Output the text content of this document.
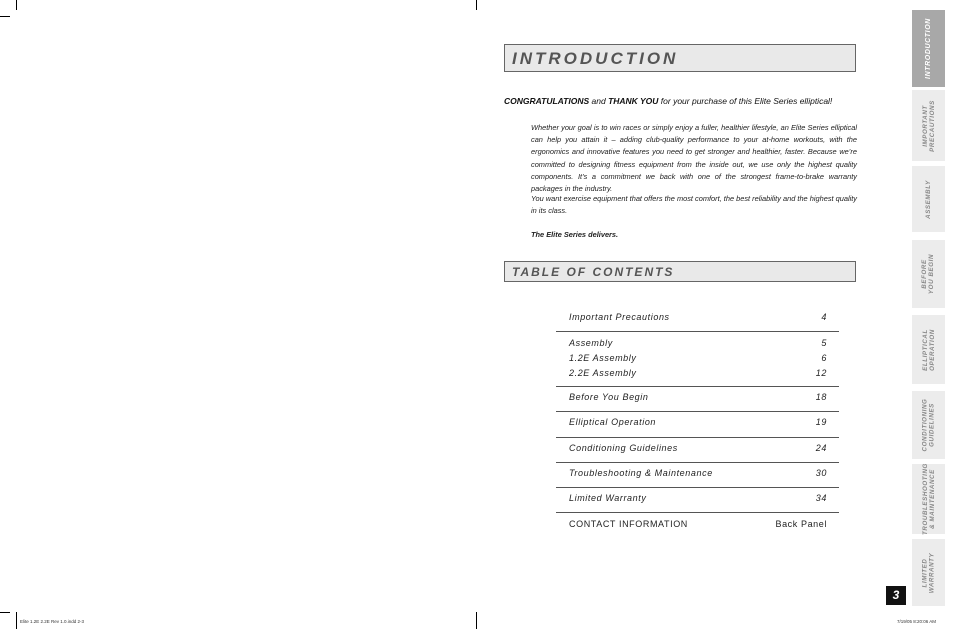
INTRODUCTION
CONGRATULATIONS and THANK YOU for your purchase of this Elite Series elliptical!

Whether your goal is to win races or simply enjoy a fuller, healthier lifestyle, an Elite Series elliptical can help you attain it – adding club-quality performance to your at-home workouts, with the ergonomics and innovative features you need to get stronger and healthier, faster. Because we’re committed to designing fitness equipment from the inside out, we use only the highest quality components. It’s a commitment we back with one of the strongest frame-to-brake warranty packages in the industry.

You want exercise equipment that offers the most comfort, the best reliability and the highest quality in its class.

The Elite Series delivers.

TABLE OF CONTENTS
Important Precautions	4
Assembly	5
1.2E Assembly	6
2.2E Assembly	12
Before You Begin	18
Elliptical Operation	19
Conditioning Guidelines	24
Troubleshooting & Maintenance	30
Limited Warranty	34
CONTACT INFORMATION	Back Panel
INTRODUCTION
IMPORTANT
PRECAUTIONS
ASSEMBLY
BEFORE
YOU BEGIN
ELLIPTICAL
OPERATION
CONDITIONING
GUIDELINES
TROUBLESHOOTING
& MAINTENANCE
LIMITED
WARRANTY
3
Elite 1.2E 2.2E Rev 1.0.indd 2-3	7/19/05 8:20:06 AM
